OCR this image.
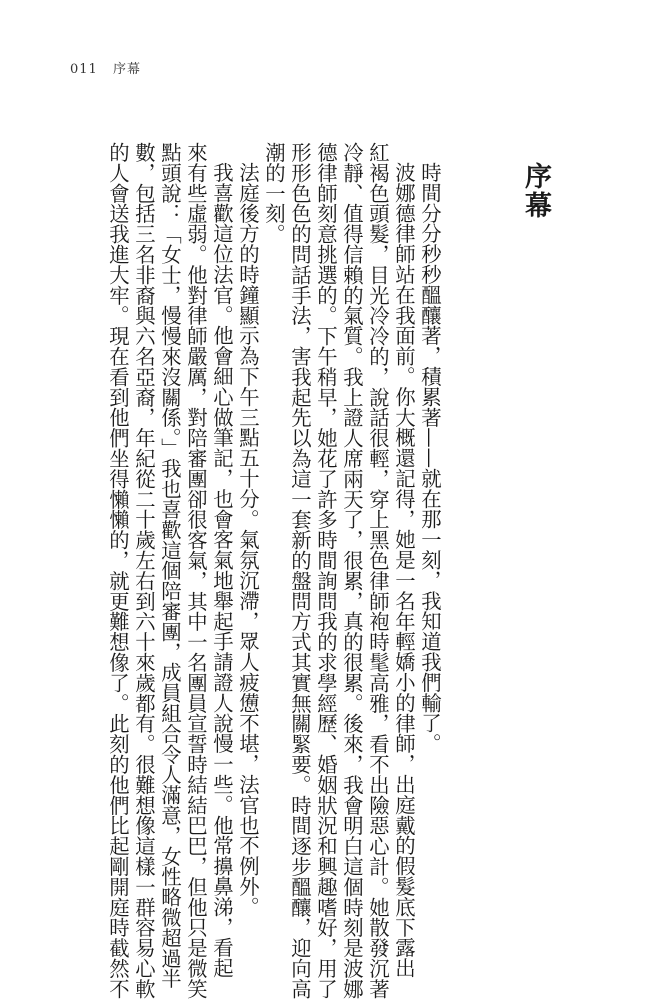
011 序幕
序幕
時間分分秒秒醞釀著，積累著——就在那一刻，我知道我們輸了。
波娜德律師站在我面前。你大概還記得，她是一名年輕嬌小的律師，出庭戴的假髮底下露出
紅褐色頭髮，目光冷冷的，說話很輕，穿上黑色律師袍時髦高雅，看不出險惡心計。她散發沉著
冷靜、值得信賴的氣質。我上證人席兩天了，很累，真的很累。後來，我會明白這個時刻是波娜
德律師刻意挑選的。下午稍早，她花了許多時間詢問我的求學經歷、婚姻狀況和興趣嗜好，用了
形形色色的問話手法，害我起先以為這一套新的盤問方式其實無關緊要。時間逐步醞釀，迎向高
潮的一刻。
法庭後方的時鐘顯示為下午三點五十分。氣氛沉滯，眾人疲憊不堪，法官也不例外。
我喜歡這位法官。他會細心做筆記，也會客氣地舉起手請證人說慢一些。他常擤鼻涕，看起
來有些虛弱。他對律師嚴厲，對陪審團卻很客氣，其中一名團員宣誓時結結巴巴，但他只是微笑
點頭說：「女士，慢慢來沒關係。」我也喜歡這個陪審團，成員組合令人滿意，女性略微超過半
數，包括三名非裔與六名亞裔，年紀從二十歲左右到六十來歲都有。很難想像這樣一群容易心軟
的人會送我進大牢。現在看到他們坐得懶懶的，就更難想像了。此刻的他們比起剛開庭時截然不
